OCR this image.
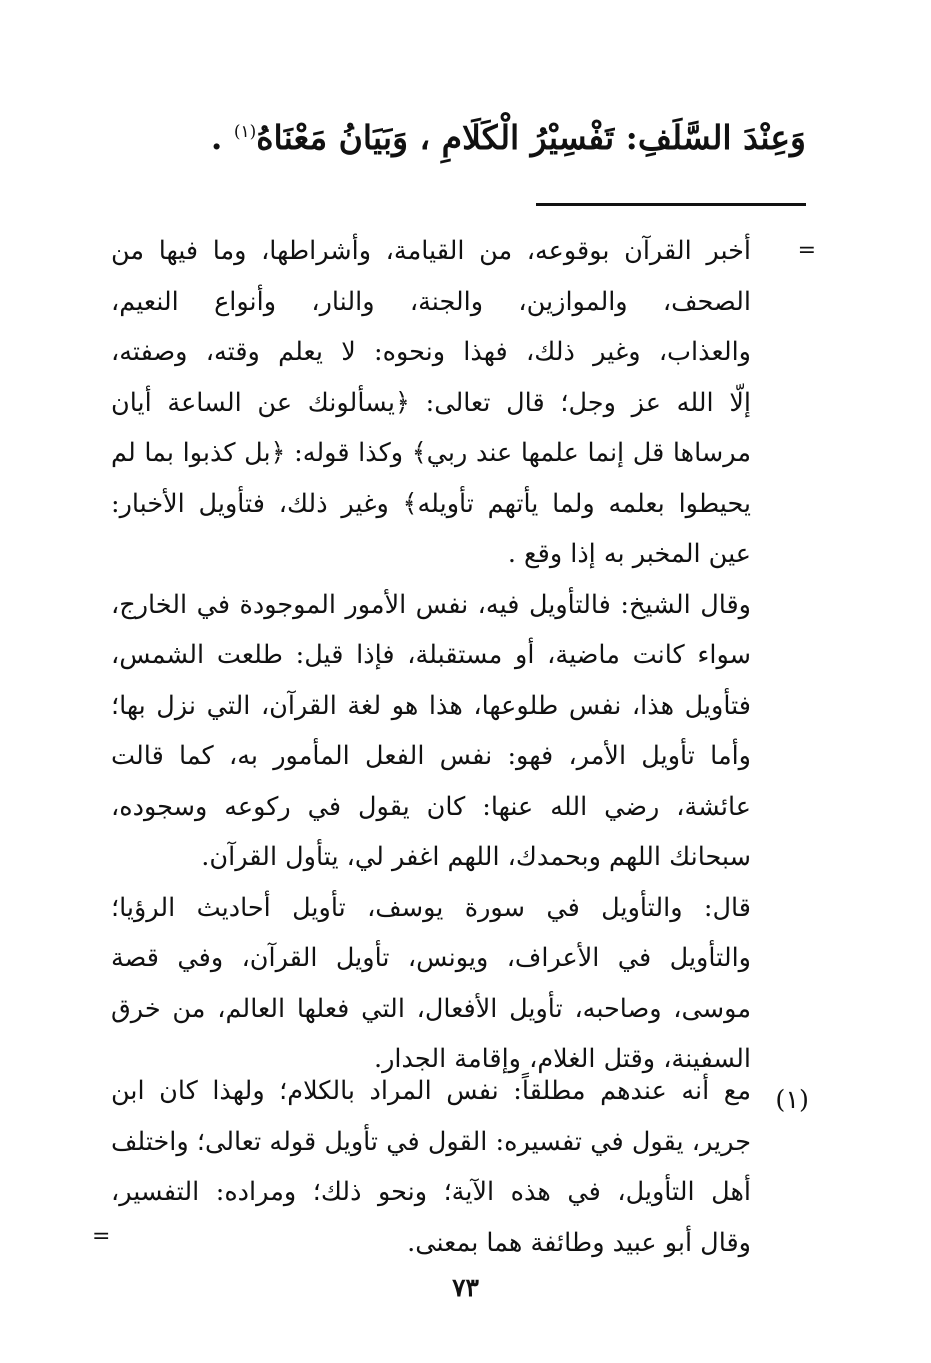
وَعِنْدَ السَّلَفِ: تَفْسِيْرُ الْكَلَامِ ، وَبَيَانُ مَعْنَاهُ$^{(١)}$ .
=
أخبر القرآن بوقوعه، من القيامة، وأشراطها، وما فيها من
الصحف، والموازين، والجنة، والنار، وأنواع النعيم،
والعذاب، وغير ذلك، فهذا ونحوه: لا يعلم وقته، وصفته،
إلّا الله عز وجل؛ قال تعالى: ﴿يسألونك عن الساعة أيان
مرساها قل إنما علمها عند ربي﴾ وكذا قوله: ﴿بل كذبوا بما لم
يحيطوا بعلمه ولما يأتهم تأويله﴾ وغير ذلك، فتأويل الأخبار:
عين المخبر به إذا وقع .
وقال الشيخ: فالتأويل فيه، نفس الأمور الموجودة في الخارج،
سواء كانت ماضية، أو مستقبلة، فإذا قيل: طلعت الشمس،
فتأويل هذا، نفس طلوعها، هذا هو لغة القرآن، التي نزل بها؛
وأما تأويل الأمر، فهو: نفس الفعل المأمور به، كما قالت
عائشة، رضي الله عنها: كان يقول في ركوعه وسجوده،
سبحانك اللهم وبحمدك، اللهم اغفر لي، يتأول القرآن.
قال: والتأويل في سورة يوسف، تأويل أحاديث الرؤيا؛
والتأويل في الأعراف، ويونس، تأويل القرآن، وفي قصة
موسى، وصاحبه، تأويل الأفعال، التي فعلها العالم، من خرق
السفينة، وقتل الغلام، وإقامة الجدار.
(١)
مع أنه عندهم مطلقاً: نفس المراد بالكلام؛ ولهذا كان ابن
جرير، يقول في تفسيره: القول في تأويل قوله تعالى؛ واختلف
أهل التأويل، في هذه الآية؛ ونحو ذلك؛ ومراده: التفسير،
وقال أبو عبيد وطائفة هما بمعنى.
=
٧٣
